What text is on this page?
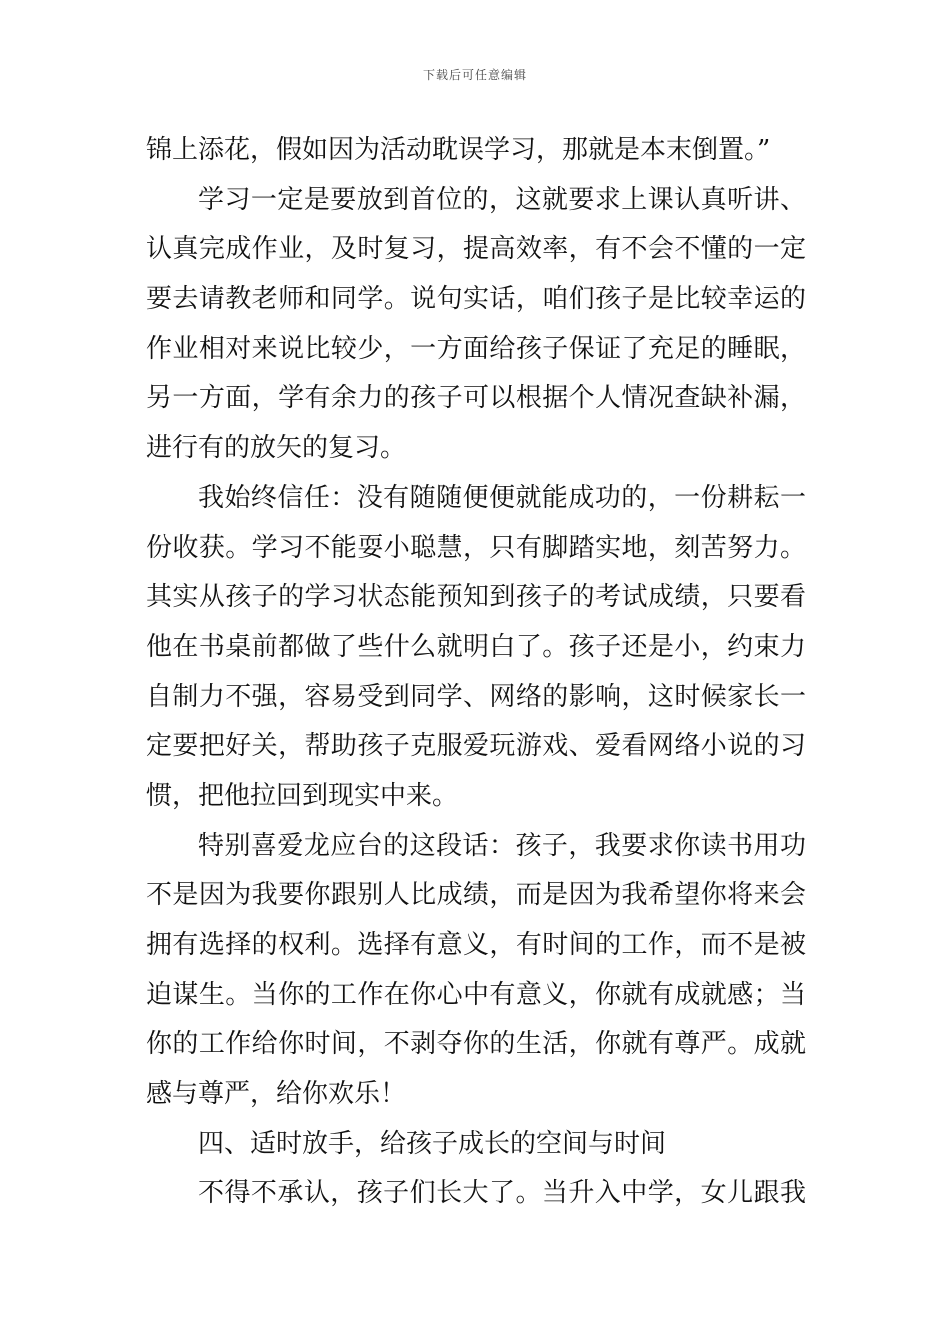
下载后可任意编辑
锦上添花，假如因为活动耽误学习，那就是本末倒置。”
学习一定是要放到首位的，这就要求上课认真听讲、
认真完成作业，及时复习，提高效率，有不会不懂的一定
要去请教老师和同学。说句实话，咱们孩子是比较幸运的
作业相对来说比较少，一方面给孩子保证了充足的睡眠，
另一方面，学有余力的孩子可以根据个人情况查缺补漏，
进行有的放矢的复习。
我始终信任：没有随随便便就能成功的，一份耕耘一
份收获。学习不能耍小聪慧，只有脚踏实地，刻苦努力。
其实从孩子的学习状态能预知到孩子的考试成绩，只要看
他在书桌前都做了些什么就明白了。孩子还是小，约束力
自制力不强，容易受到同学、网络的影响，这时候家长一
定要把好关，帮助孩子克服爱玩游戏、爱看网络小说的习
惯，把他拉回到现实中来。
特别喜爱龙应台的这段话：孩子，我要求你读书用功
不是因为我要你跟别人比成绩，而是因为我希望你将来会
拥有选择的权利。选择有意义，有时间的工作，而不是被
迫谋生。当你的工作在你心中有意义，你就有成就感；当
你的工作给你时间，不剥夺你的生活，你就有尊严。成就
感与尊严，给你欢乐！
四、适时放手，给孩子成长的空间与时间
不得不承认，孩子们长大了。当升入中学，女儿跟我
